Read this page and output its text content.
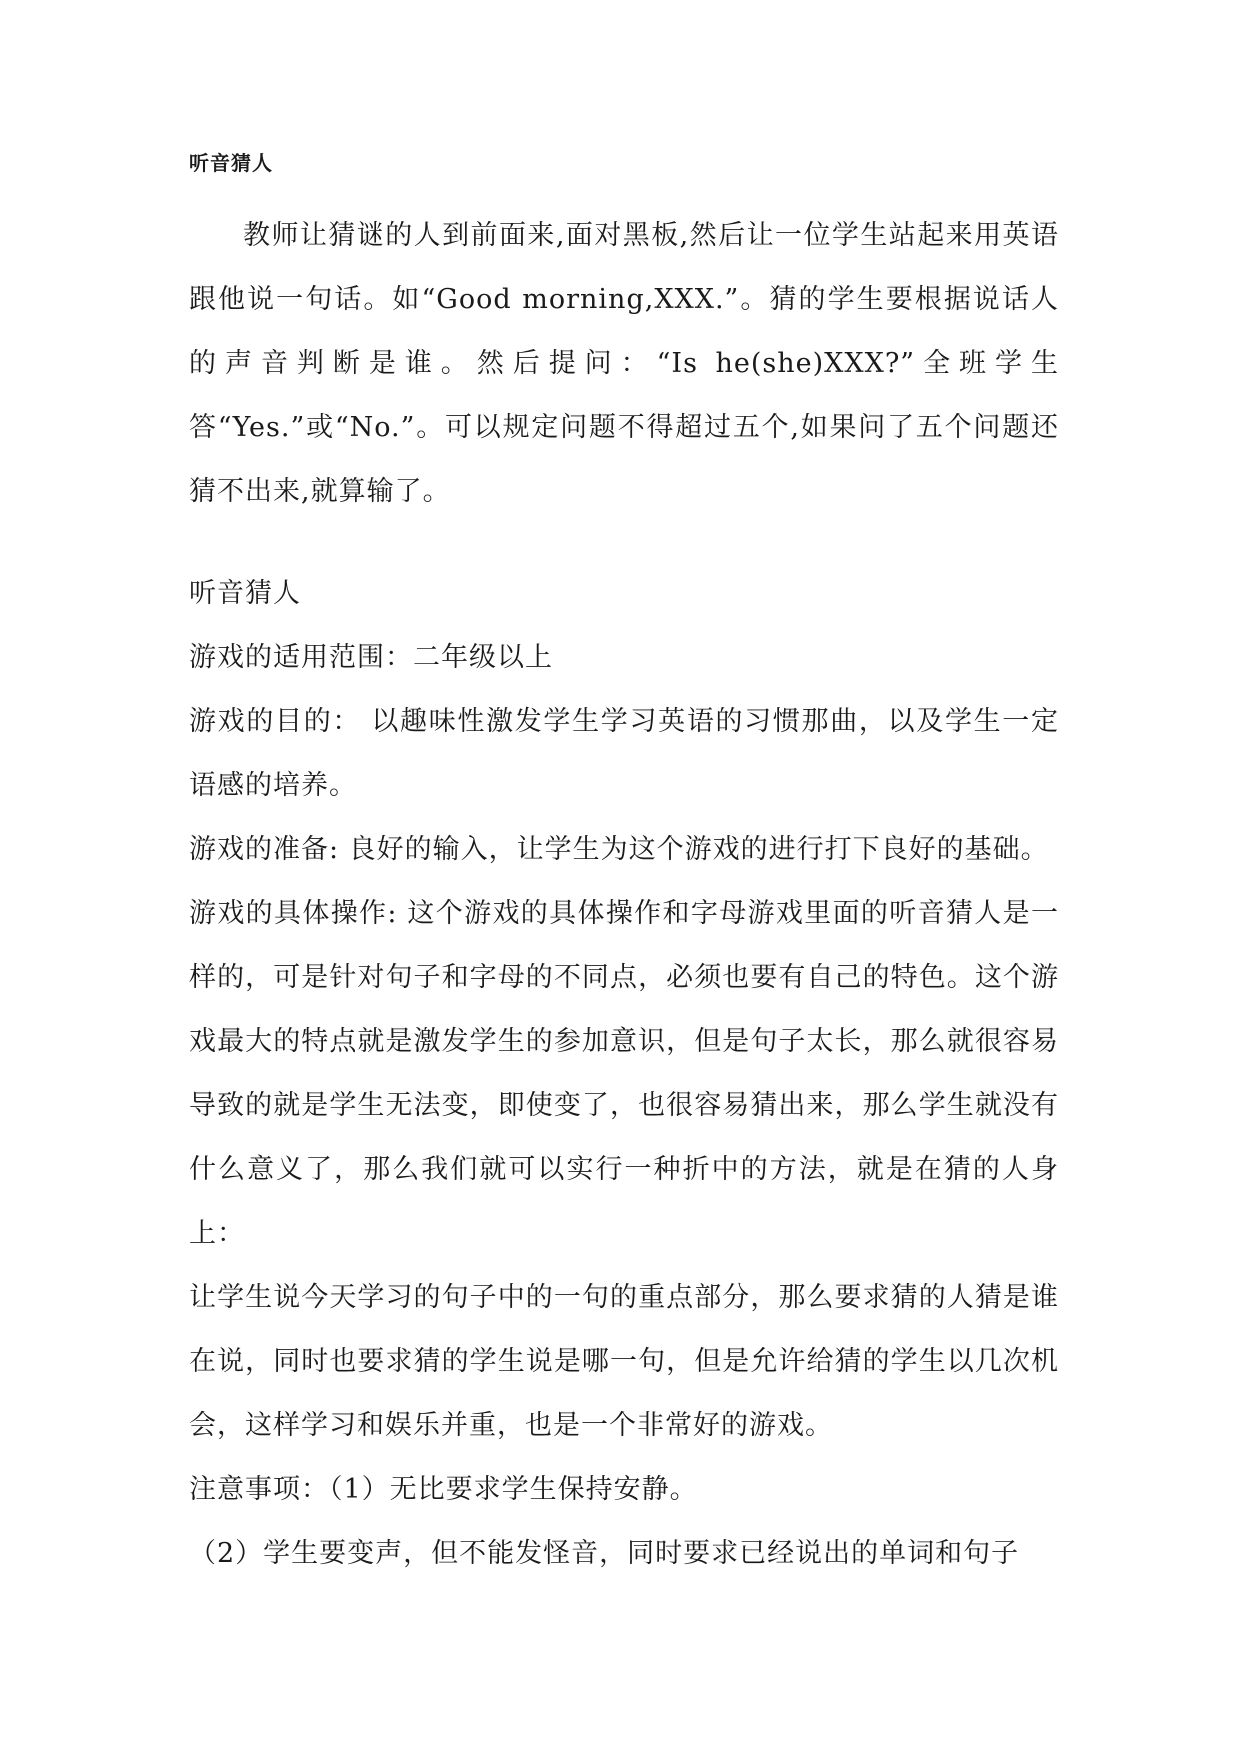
听音猜人

教师让猜谜的人到前面来,面对黑板,然后让一位学生站起来用英语跟他说一句话。如“Good morning,XXX.”。猜的学生要根据说话人的声音判断是谁。然后提问：“Is he(she)XXX?”全班学生答“Yes.”或“No.”。可以规定问题不得超过五个,如果问了五个问题还猜不出来,就算输了。

听音猜人

游戏的适用范围：二年级以上

游戏的目的： 以趣味性激发学生学习英语的习惯那曲，以及学生一定语感的培养。

游戏的准备: 良好的输入，让学生为这个游戏的进行打下良好的基础。

游戏的具体操作: 这个游戏的具体操作和字母游戏里面的听音猜人是一样的，可是针对句子和字母的不同点，必须也要有自己的特色。这个游戏最大的特点就是激发学生的参加意识，但是句子太长，那么就很容易导致的就是学生无法变，即使变了，也很容易猜出来，那么学生就没有什么意义了，那么我们就可以实行一种折中的方法，就是在猜的人身上：

让学生说今天学习的句子中的一句的重点部分，那么要求猜的人猜是谁在说，同时也要求猜的学生说是哪一句，但是允许给猜的学生以几次机会，这样学习和娱乐并重，也是一个非常好的游戏。

注意事项：（1）无比要求学生保持安静。

（2）学生要变声，但不能发怪音，同时要求已经说出的单词和句子
